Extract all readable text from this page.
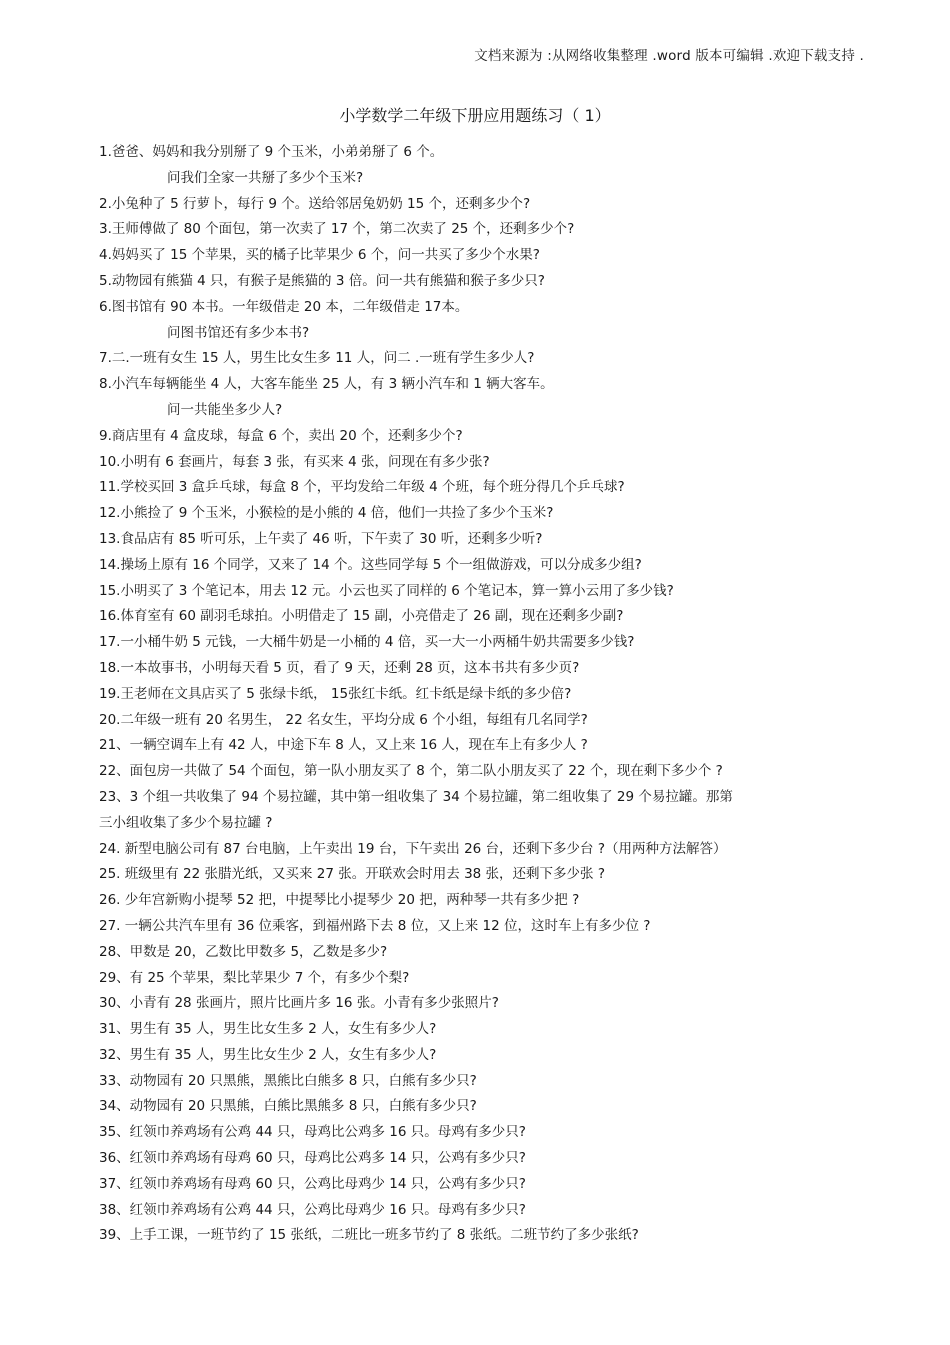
文档来源为 :从网络收集整理 .word 版本可编辑 .欢迎下载支持 .
小学数学二年级下册应用题练习（ 1）
1.爸爸、妈妈和我分别掰了 9 个玉米，小弟弟掰了 6 个。
问我们全家一共掰了多少个玉米?
2.小兔种了 5 行萝卜，每行 9 个。送给邻居兔奶奶 15 个，还剩多少个?
3.王师傅做了 80 个面包，第一次卖了 17 个，第二次卖了 25 个，还剩多少个?
4.妈妈买了 15 个苹果，买的橘子比苹果少 6 个，问一共买了多少个水果?
5.动物园有熊猫 4 只，有猴子是熊猫的 3 倍。问一共有熊猫和猴子多少只?
6.图书馆有 90 本书。一年级借走 20 本，二年级借走 17本。
问图书馆还有多少本书?
7.二.一班有女生 15 人，男生比女生多 11 人，问二 .一班有学生多少人?
8.小汽车每辆能坐 4 人，大客车能坐 25 人，有 3 辆小汽车和 1 辆大客车。
问一共能坐多少人?
9.商店里有 4 盒皮球，每盒 6 个，卖出 20 个，还剩多少个?
10.小明有 6 套画片，每套 3 张，有买来 4 张，问现在有多少张?
11.学校买回 3 盒乒乓球，每盒 8 个，平均发给二年级 4 个班，每个班分得几个乒乓球?
12.小熊捡了 9 个玉米，小猴检的是小熊的 4 倍，他们一共捡了多少个玉米?
13.食品店有 85 听可乐，上午卖了 46 听，下午卖了 30 听，还剩多少听?
14.操场上原有 16 个同学，又来了 14 个。这些同学每 5 个一组做游戏，可以分成多少组?
15.小明买了 3 个笔记本，用去 12 元。小云也买了同样的 6 个笔记本，算一算小云用了多少钱?
16.体育室有 60 副羽毛球拍。小明借走了 15 副，小亮借走了 26 副，现在还剩多少副?
17.一小桶牛奶 5 元钱，一大桶牛奶是一小桶的 4 倍，买一大一小两桶牛奶共需要多少钱?
18.一本故事书，小明每天看 5 页，看了 9 天，还剩 28 页，这本书共有多少页?
19.王老师在文具店买了 5 张绿卡纸， 15张红卡纸。红卡纸是绿卡纸的多少倍?
20.二年级一班有 20 名男生， 22 名女生，平均分成 6 个小组，每组有几名同学?
21、一辆空调车上有 42 人，中途下车 8 人，又上来 16 人，现在车上有多少人 ?
22、面包房一共做了 54 个面包，第一队小朋友买了 8 个，第二队小朋友买了 22 个，现在剩下多少个 ?
23、3 个组一共收集了 94 个易拉罐，其中第一组收集了 34 个易拉罐，第二组收集了 29 个易拉罐。那第
三小组收集了多少个易拉罐 ?
24. 新型电脑公司有 87 台电脑，上午卖出 19 台，下午卖出 26 台，还剩下多少台 ?（用两种方法解答）
25. 班级里有 22 张腊光纸，又买来 27 张。开联欢会时用去 38 张，还剩下多少张 ?
26. 少年宫新购小提琴 52 把，中提琴比小提琴少 20 把，两种琴一共有多少把 ?
27. 一辆公共汽车里有 36 位乘客，到福州路下去 8 位，又上来 12 位，这时车上有多少位 ?
28、甲数是 20，乙数比甲数多 5，乙数是多少?
29、有 25 个苹果，梨比苹果少 7 个，有多少个梨?
30、小青有 28 张画片，照片比画片多 16 张。小青有多少张照片?
31、男生有 35 人，男生比女生多 2 人，女生有多少人?
32、男生有 35 人，男生比女生少 2 人，女生有多少人?
33、动物园有 20 只黑熊，黑熊比白熊多 8 只，白熊有多少只?
34、动物园有 20 只黑熊，白熊比黑熊多 8 只，白熊有多少只?
35、红领巾养鸡场有公鸡 44 只，母鸡比公鸡多 16 只。母鸡有多少只?
36、红领巾养鸡场有母鸡 60 只，母鸡比公鸡多 14 只，公鸡有多少只?
37、红领巾养鸡场有母鸡 60 只，公鸡比母鸡少 14 只，公鸡有多少只?
38、红领巾养鸡场有公鸡 44 只，公鸡比母鸡少 16 只。母鸡有多少只?
39、上手工课，一班节约了 15 张纸，二班比一班多节约了 8 张纸。二班节约了多少张纸?
